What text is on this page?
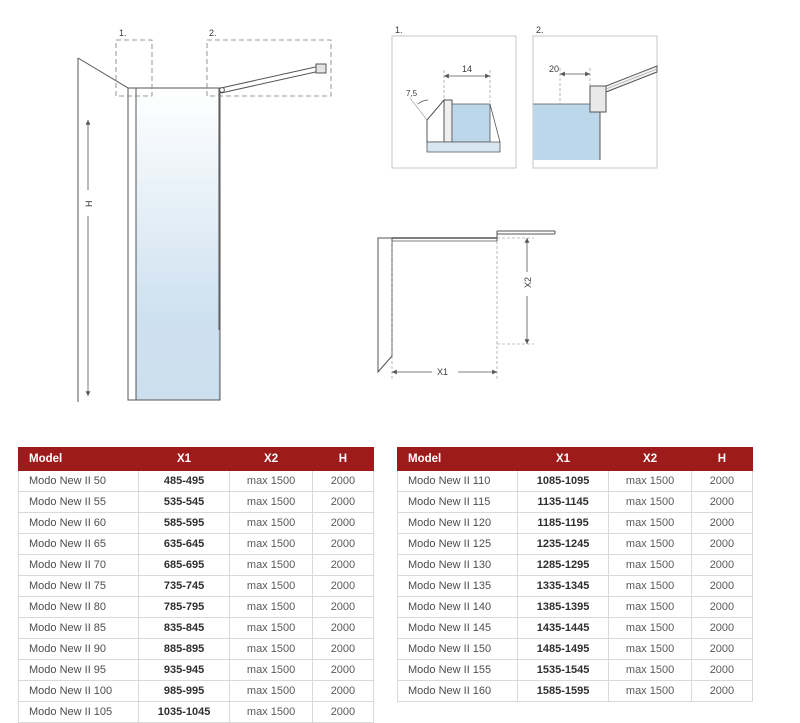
1.	2.
H
1.
14
7,5
2.
20
X2
X1
Model	X1	X2	H
Modo New II 50	485-495	max 1500	2000
Modo New II 55	535-545	max 1500	2000
Modo New II 60	585-595	max 1500	2000
Modo New II 65	635-645	max 1500	2000
Modo New II 70	685-695	max 1500	2000
Modo New II 75	735-745	max 1500	2000
Modo New II 80	785-795	max 1500	2000
Modo New II 85	835-845	max 1500	2000
Modo New II 90	885-895	max 1500	2000
Modo New II 95	935-945	max 1500	2000
Modo New II 100	985-995	max 1500	2000
Modo New II 105	1035-1045	max 1500	2000
Model	X1	X2	H
Modo New II 110	1085-1095	max 1500	2000
Modo New II 115	1135-1145	max 1500	2000
Modo New II 120	1185-1195	max 1500	2000
Modo New II 125	1235-1245	max 1500	2000
Modo New II 130	1285-1295	max 1500	2000
Modo New II 135	1335-1345	max 1500	2000
Modo New II 140	1385-1395	max 1500	2000
Modo New II 145	1435-1445	max 1500	2000
Modo New II 150	1485-1495	max 1500	2000
Modo New II 155	1535-1545	max 1500	2000
Modo New II 160	1585-1595	max 1500	2000
